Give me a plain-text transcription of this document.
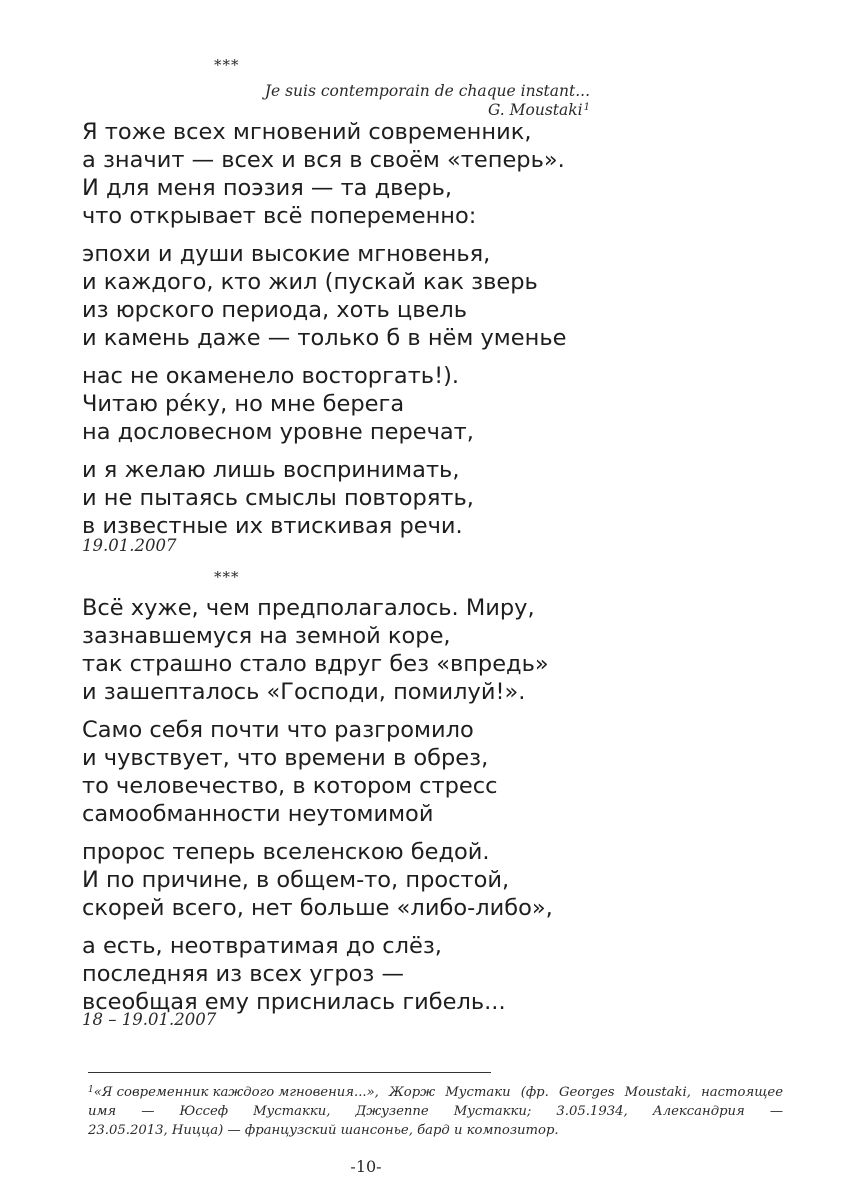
***
Je suis contemporain de chaque instant...
G. Moustaki$^1$
Я тоже всех мгновений современник,
а значит — всех и вся в своём «теперь».
И для меня поэзия — та дверь,
что открывает всё попеременно:
эпохи и души высокие мгновенья,
и каждого, кто жил (пускай как зверь
из юрского периода, хоть цвель
и камень даже — только б в нём уменье
нас не окаменело восторгать!).
Читаю ре́ку, но мне берега
на дословесном уровне перечат,
и я желаю лишь воспринимать,
и не пытаясь смыслы повторять,
в известные их втискивая речи.
19.01.2007
***
Всё хуже, чем предполагалось. Миру,
зазнавшемуся на земной коре,
так страшно стало вдруг без «впредь»
и зашепталось «Господи, помилуй!».
Само себя почти что разгромило
и чувствует, что времени в обрез,
то человечество, в котором стресс
самообманности неутомимой
пророс теперь вселенскою бедой.
И по причине, в общем-то, простой,
скорей всего, нет больше «либо-либо»,
а есть, неотвратимая до слёз,
последняя из всех угроз —
всеобщая ему приснилась гибель...
18 – 19.01.2007
$^1$«Я современник каждого мгновения...», Жорж Мустаки (фр. Georges Moustaki, настоящее
имя — Юссеф Мустакки, Джузеппе Мустакки; 3.05.1934, Александрия —
23.05.2013, Ницца) — французский шансонье, бард и композитор.
-10-
